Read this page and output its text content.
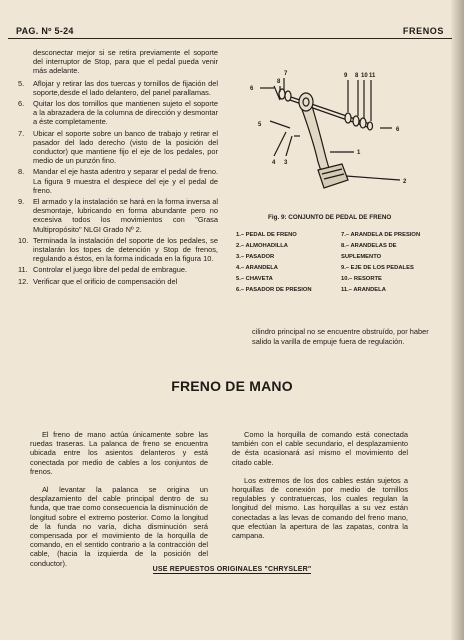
PAG. Nº 5-24	FRENOS

desconectar mejor si se retira previamente el soporte del interruptor de Stop, para que el pedal pueda venir más adelante.

5.	Aflojar y retirar las dos tuercas y tornillos de fijación del soporte,desde el lado delantero, del panel parallamas.
6.	Quitar los dos tornillos que mantienen sujeto el soporte a la abrazadera de la columna de dirección y desmontar a éste completamente.
7.	Ubicar el soporte sobre un banco de trabajo y retirar el pasador del lado derecho (visto de la posición del conductor) que mantiene fijo el eje de los pedales, por medio de un punzón fino.
8.	Mandar el eje hasta adentro y separar el pedal de freno. La figura 9 muestra el despiece del eje y el pedal de freno.
9.	El armado y la instalación se hará en la forma inversa al desmontaje, lubricando en forma abundante pero no excesiva todos los movimientos con "Grasa Multipropósito" NLGI Grado Nº 2.
10. Terminada la instalación del soporte de los pedales, se instalarán los topes de detención y Stop de frenos, regulando a éstos, en la forma indicada en la figura 10.
11. Controlar el juego libre del pedal de embrague.
12. Verificar que el orificio de compensación del
7
8
6
5
9 8 10 11
6
1
2
4 3
Fig. 9: CONJUNTO DE PEDAL DE FRENO
1.– PEDAL DE FRENO	7.– ARANDELA DE PRESION
2.– ALMOHADILLA	8.– ARANDELAS DE
3.– PASADOR	SUPLEMENTO
4.– ARANDELA	9.– EJE DE LOS PEDALES
5.– CHAVETA	10.– RESORTE
6.– PASADOR DE PRESION	11.– ARANDELA

cilindro principal no se encuentre obstruído, por haber salido la varilla de empuje fuera de regulación.

FRENO DE MANO

El freno de mano actúa únicamente sobre las ruedas traseras. La palanca de freno se encuentra ubicada entre los asientos delanteros y está conectada por medio de cables a los conjuntos de frenos.

Al levantar la palanca se origina un desplazamiento del cable principal dentro de su funda, que trae como consecuencia la disminución de longitud sobre el extremo posterior. Como la longitud de la funda no varía, dicha disminución será compensada por el movimiento de la horquilla de comando, en el sentido contrario a la contracción del cable, (hacia la izquierda de la posición del conductor).

Como la horquilla de comando está conectada también con el cable secundario, el desplazamiento de ésta ocasionará así mismo el movimiento del citado cable.

Los extremos de los dos cables están sujetos a horquillas de conexión por medio de tornillos regulables y contratuercas, los cuales regulan la longitud del mismo. Las horquillas a su vez están conectadas a las levas de comando del freno mano, que efectúan la apertura de las zapatas, contra la campana.

USE REPUESTOS ORIGINALES "CHRYSLER"
